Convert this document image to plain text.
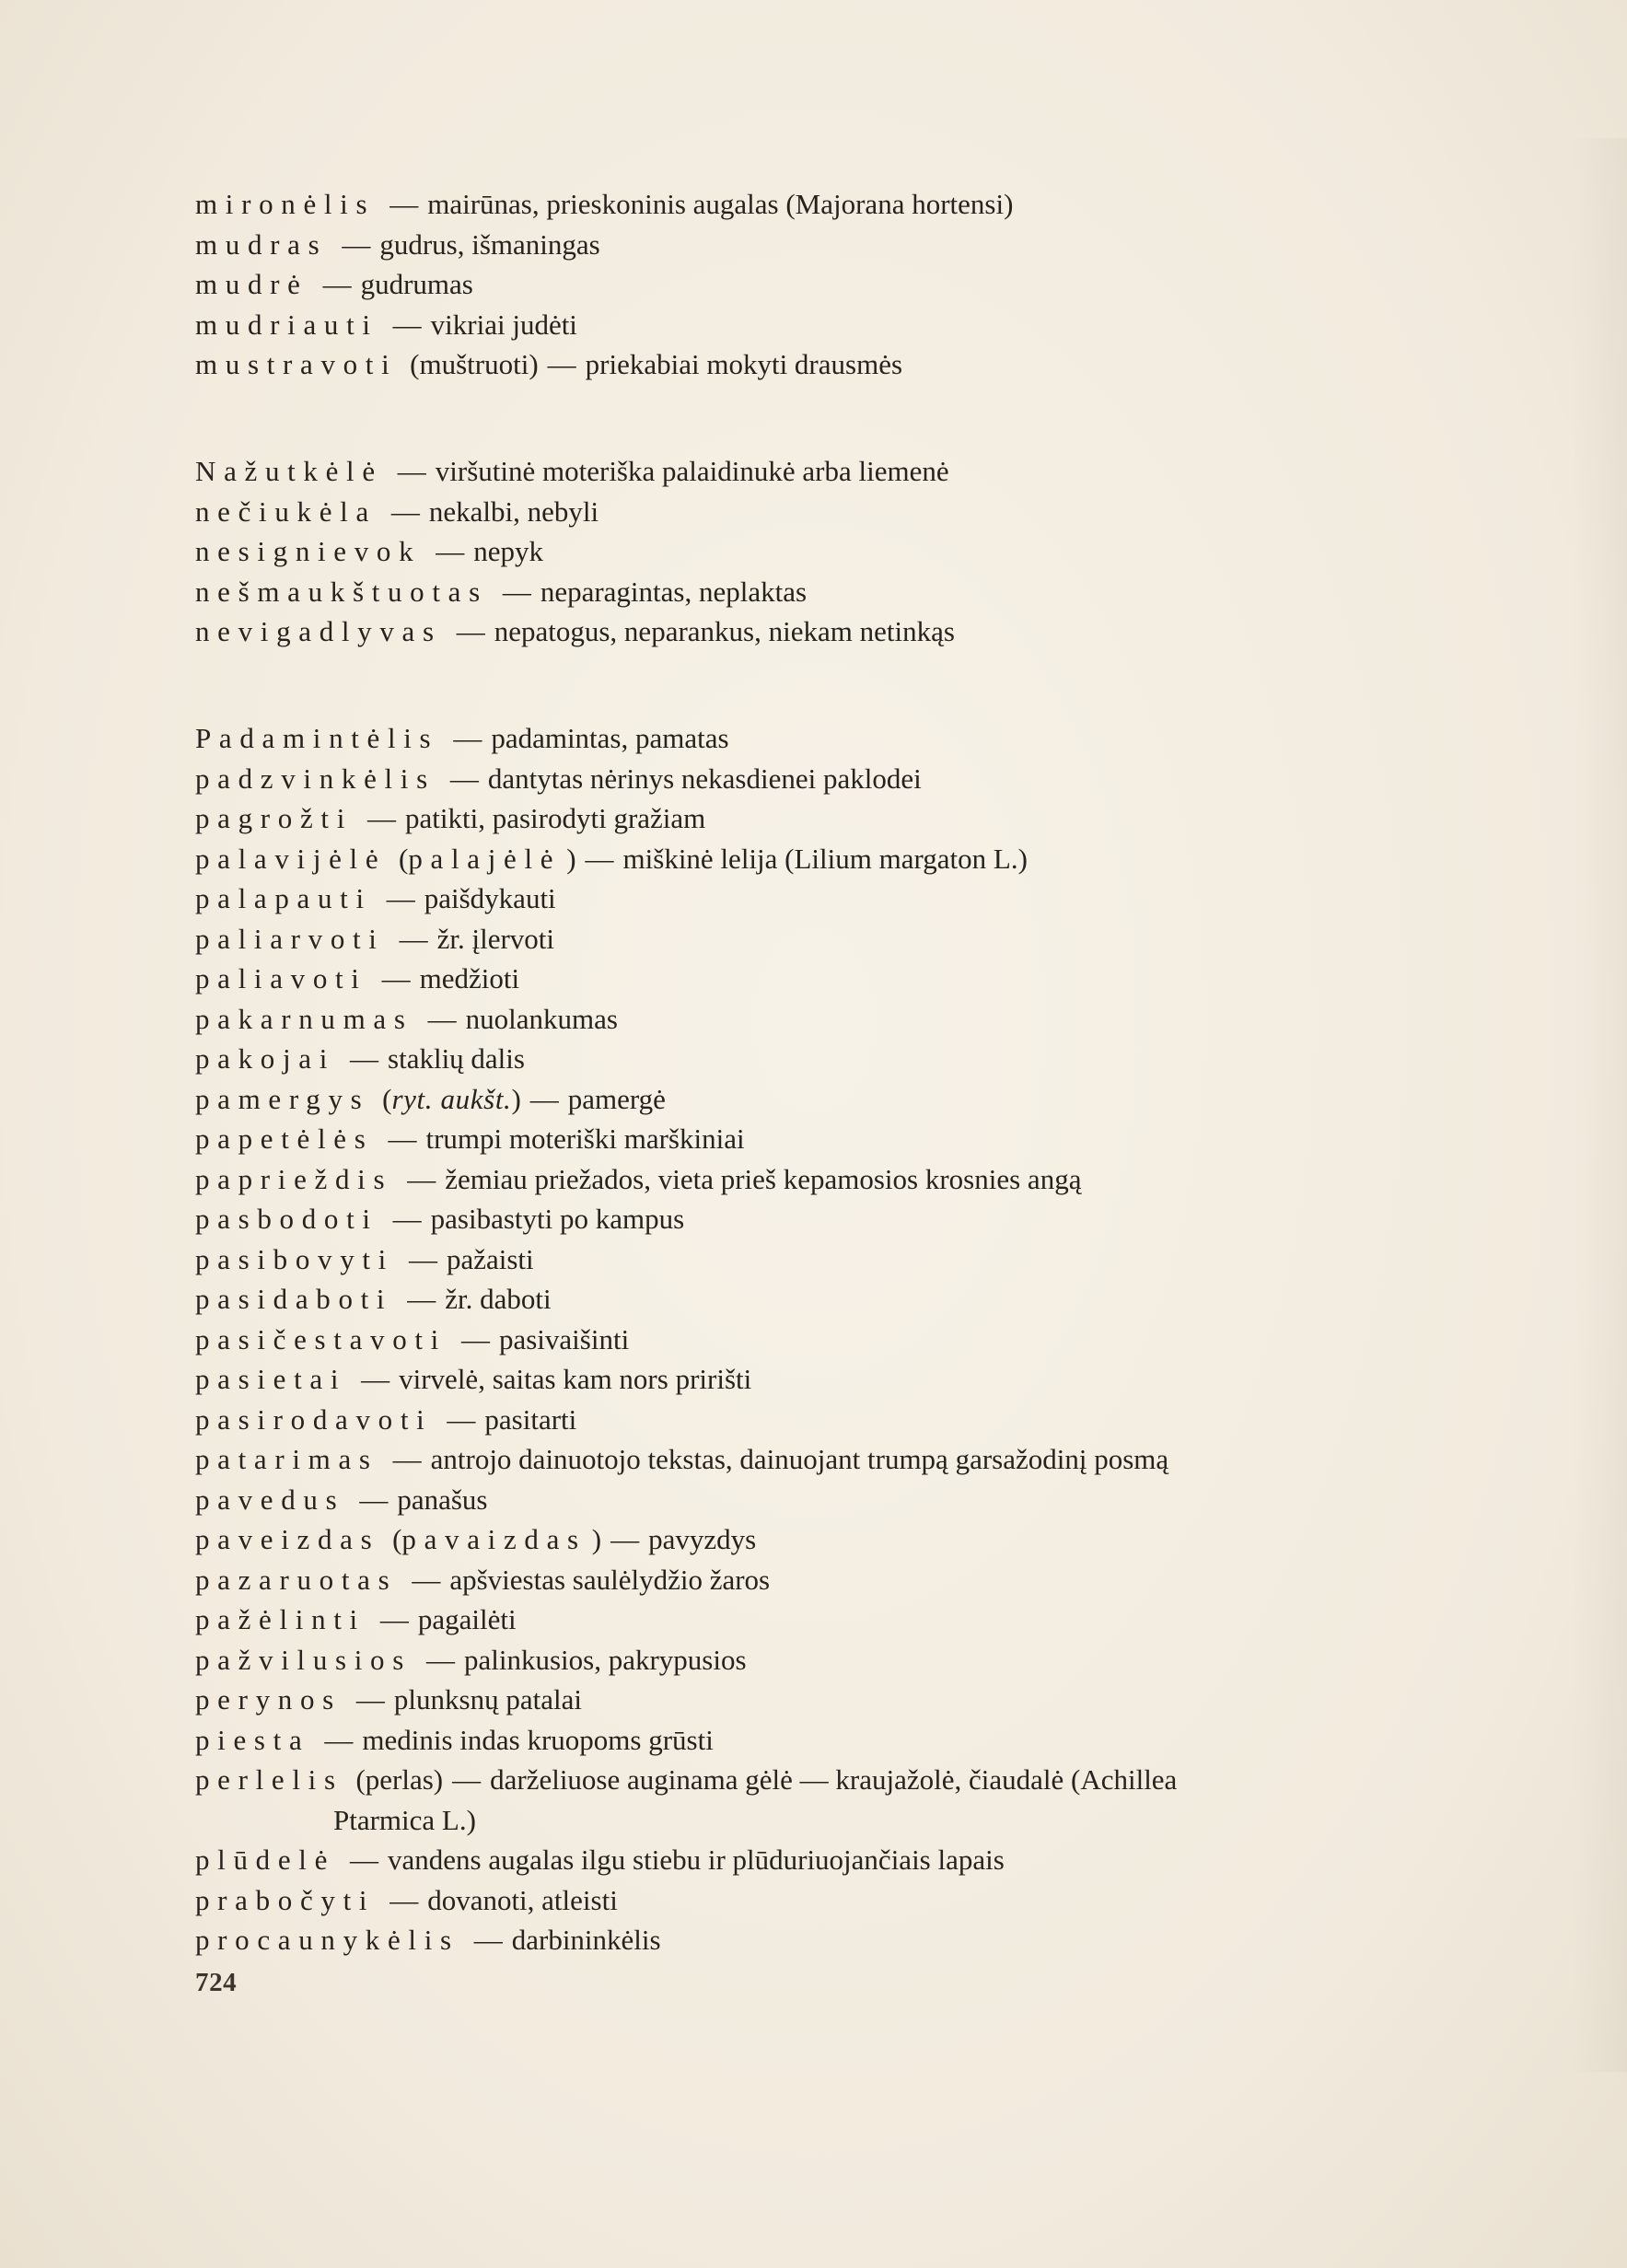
mironėlis — mairūnas, prieskoninis augalas (Majorana hortensi)
mudras — gudrus, išmaningas
mudrė — gudrumas
mudriauti — vikriai judėti
mustravoti (muštruoti) — priekabiai mokyti drausmės
Nažutkėlė — viršutinė moteriška palaidinukė arba liemenė
nečiukėla — nekalbi, nebyli
nesignievok — nepyk
nešmaukštuotas — neparagintas, neplaktas
nevigadlyvas — nepatogus, neparankus, niekam netinkąs
Padamintėlis — padamintas, pamatas
padzvinkėlis — dantytas nėrinys nekasdienei paklodei
pagrožti — patikti, pasirodyti gražiam
palavijėlė (palajėlė ) — miškinė lelija (Lilium margaton L.)
palapauti — paišdykauti
paliarvoti — žr. įlervoti
paliavoti — medžioti
pakarnumas — nuolankumas
pakojai — staklių dalis
pamergys (ryt. aukšt.) — pamergė
papetėlės — trumpi moteriški marškiniai
paprieždis — žemiau priežados, vieta prieš kepamosios krosnies angą
pasbodoti — pasibastyti po kampus
pasibovyti — pažaisti
pasidaboti — žr. daboti
pasičestavoti — pasivaišinti
pasietai — virvelė, saitas kam nors pririšti
pasirodavoti — pasitarti
patarimas — antrojo dainuotojo tekstas, dainuojant trumpą garsažodinį posmą
pavedus — panašus
paveizdas (pavaizdas ) — pavyzdys
pazaruotas — apšviestas saulėlydžio žaros
pažėlinti — pagailėti
pažvilusios — palinkusios, pakrypusios
perynos — plunksnų patalai
piesta — medinis indas kruopoms grūsti
perlelis (perlas) — darželiuose auginama gėlė — kraujažolė, čiaudalė (Achillea
Ptarmica L.)
plūdelė — vandens augalas ilgu stiebu ir plūduriuojančiais lapais
prabočyti — dovanoti, atleisti
procaunykėlis — darbininkėlis
724
